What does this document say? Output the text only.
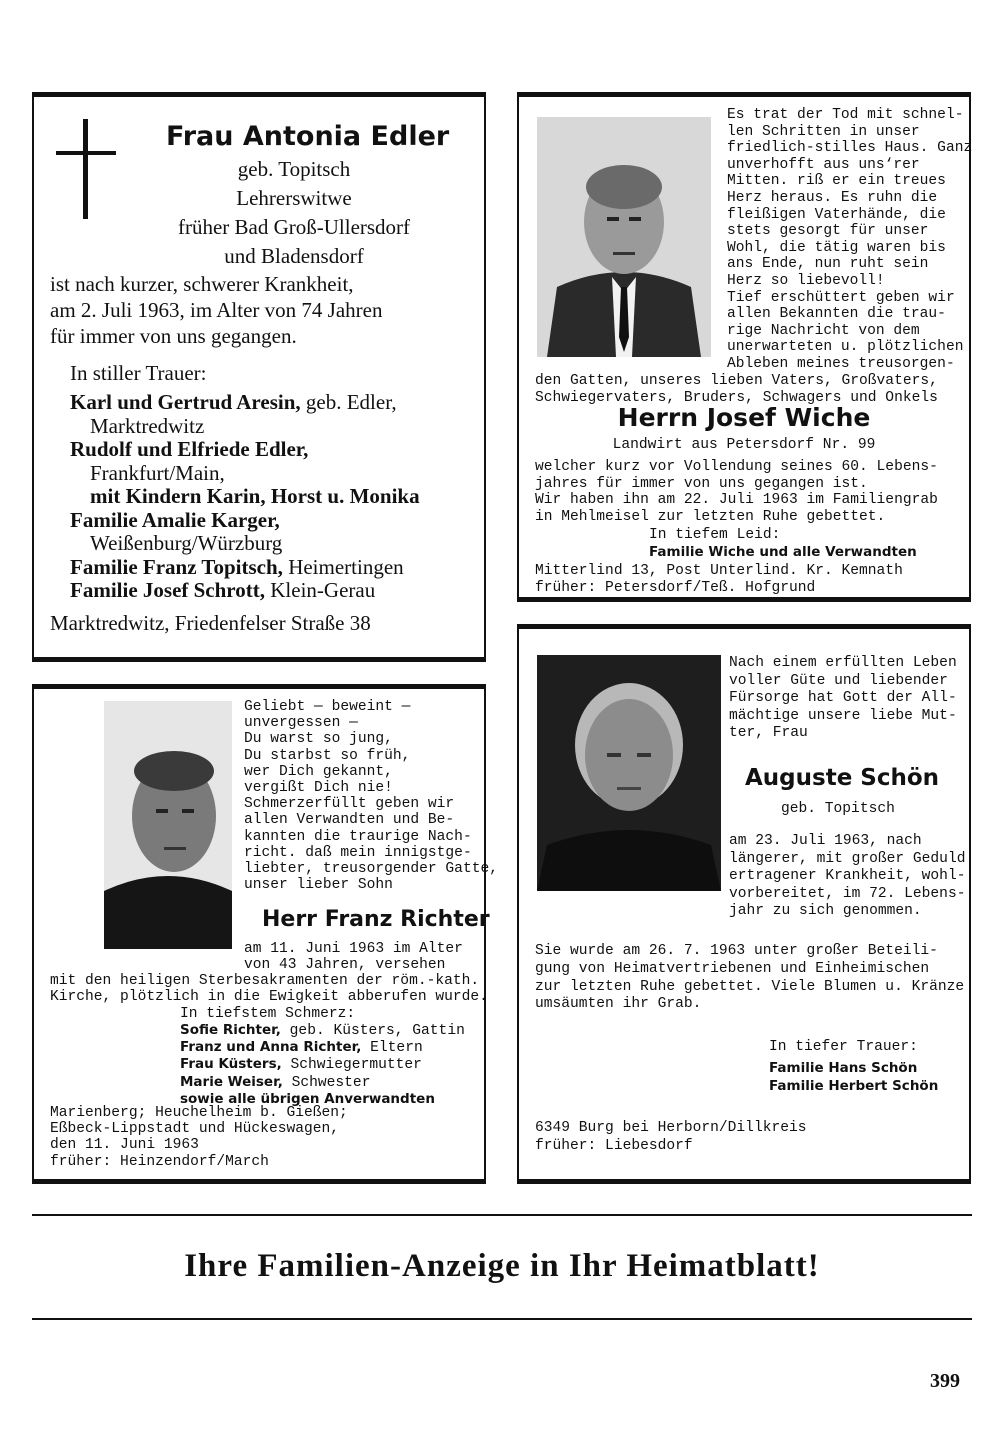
Frau Antonia Edler
geb. Topitsch
Lehrerswitwe
früher Bad Groß-Ullersdorf
und Bladensdorf
ist nach kurzer, schwerer Krankheit,
am 2. Juli 1963, im Alter von 74 Jahren
für immer von uns gegangen.
In stiller Trauer:
Karl und Gertrud Aresin, geb. Edler,
Marktredwitz
Rudolf und Elfriede Edler,
Frankfurt/Main,
mit Kindern Karin, Horst u. Monika
Familie Amalie Karger,
Weißenburg/Würzburg
Familie Franz Topitsch, Heimertingen
Familie Josef Schrott, Klein-Gerau
Marktredwitz, Friedenfelser Straße 38
Es trat der Tod mit schnel-
len Schritten in unser
friedlich-stilles Haus. Ganz
unverhofft aus uns‘rer
Mitten. riß er ein treues
Herz heraus. Es ruhn die
fleißigen Vaterhände, die
stets gesorgt für unser
Wohl, die tätig waren bis
ans Ende, nun ruht sein
Herz so liebevoll!
Tief erschüttert geben wir
allen Bekannten die trau-
rige Nachricht von dem
unerwarteten u. plötzlichen
Ableben meines treusorgen-
den Gatten, unseres lieben Vaters, Großvaters,
Schwiegervaters, Bruders, Schwagers und Onkels
Herrn Josef Wiche
Landwirt aus Petersdorf Nr. 99
welcher kurz vor Vollendung seines 60. Lebens-
jahres für immer von uns gegangen ist.
Wir haben ihn am 22. Juli 1963 im Familiengrab
in Mehlmeisel zur letzten Ruhe gebettet.
In tiefem Leid:
Familie Wiche und alle Verwandten
Mitterlind 13, Post Unterlind. Kr. Kemnath
früher: Petersdorf/Teß. Hofgrund
Geliebt — beweint —
unvergessen —
Du warst so jung,
Du starbst so früh,
wer Dich gekannt,
vergißt Dich nie!
Schmerzerfüllt geben wir
allen Verwandten und Be-
kannten die traurige Nach-
richt. daß mein innigstge-
liebter, treusorgender Gatte,
unser lieber Sohn
Herr Franz Richter
am 11. Juni 1963 im Alter
von 43 Jahren, versehen
mit den heiligen Sterbesakramenten der röm.-kath.
Kirche, plötzlich in die Ewigkeit abberufen wurde.
In tiefstem Schmerz:
Sofie Richter, geb. Küsters, Gattin
Franz und Anna Richter, Eltern
Frau Küsters, Schwiegermutter
Marie Weiser, Schwester
sowie alle übrigen Anverwandten
Marienberg; Heuchelheim b. Gießen;
Eßbeck-Lippstadt und Hückeswagen,
den 11. Juni 1963
früher: Heinzendorf/March
Nach einem erfüllten Leben
voller Güte und liebender
Fürsorge hat Gott der All-
mächtige unsere liebe Mut-
ter, Frau
Auguste Schön
geb. Topitsch
am 23. Juli 1963, nach
längerer, mit großer Geduld
ertragener Krankheit, wohl-
vorbereitet, im 72. Lebens-
jahr zu sich genommen.
Sie wurde am 26. 7. 1963 unter großer Beteili-
gung von Heimatvertriebenen und Einheimischen
zur letzten Ruhe gebettet. Viele Blumen u. Kränze
umsäumten ihr Grab.
In tiefer Trauer:
Familie Hans Schön
Familie Herbert Schön
6349 Burg bei Herborn/Dillkreis
früher: Liebesdorf
Ihre Familien-Anzeige in Ihr Heimatblatt!
399
